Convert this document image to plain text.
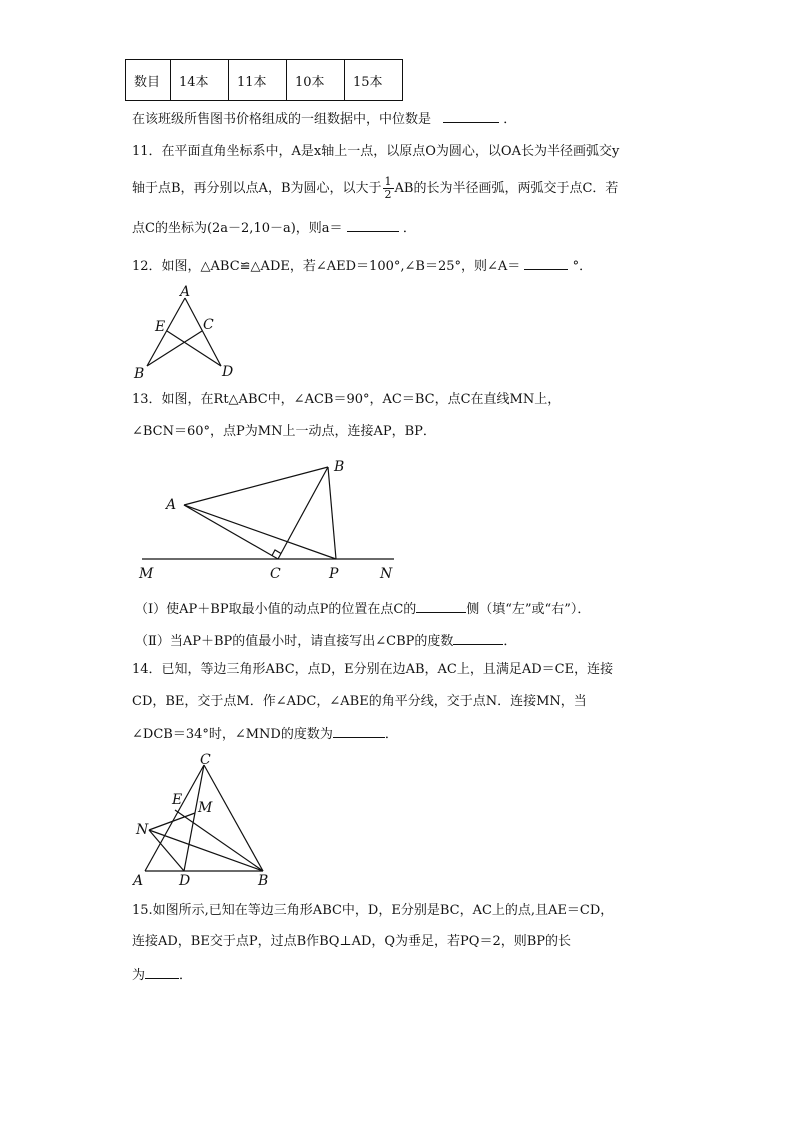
数目	14本	11本	10本	15本
在该班级所售图书价格组成的一组数据中，中位数是	．
11．在平面直角坐标系中，A是x轴上一点，以原点O为圆心，以OA长为半径画弧交y
轴于点B，再分别以点A，B为圆心，以大于 $\frac{1}{2}$ AB的长为半径画弧，两弧交于点C．若
点C的坐标为(2a－2,10－a)，则a＝	．
12．如图，△ABC≌△ADE，若∠AED＝100°,∠B＝25°，则∠A＝	°．
A
E	C
B	D
13．如图，在Rt△ABC中，∠ACB＝90°，AC＝BC，点C在直线MN上，
∠BCN＝60°，点P为MN上一动点，连接AP，BP．
A
B
M	C	P	N
（Ⅰ）使AP＋BP取最小值的动点P的位置在点C的	侧（填“左”或“右”）．
（Ⅱ）当AP＋BP的值最小时，请直接写出∠CBP的度数	．
14．已知，等边三角形ABC，点D，E分别在边AB，AC上，且满足AD＝CE，连接
CD，BE，交于点M．作∠ADC，∠ABE的角平分线，交于点N．连接MN，当
∠DCB＝34°时，∠MND的度数为	．
C
E M
N
A	D	B
15.如图所示,已知在等边三角形ABC中，D，E分别是BC，AC上的点,且AE＝CD，
连接AD，BE交于点P，过点B作BQ⊥AD，Q为垂足，若PQ＝2，则BP的长
为	．
